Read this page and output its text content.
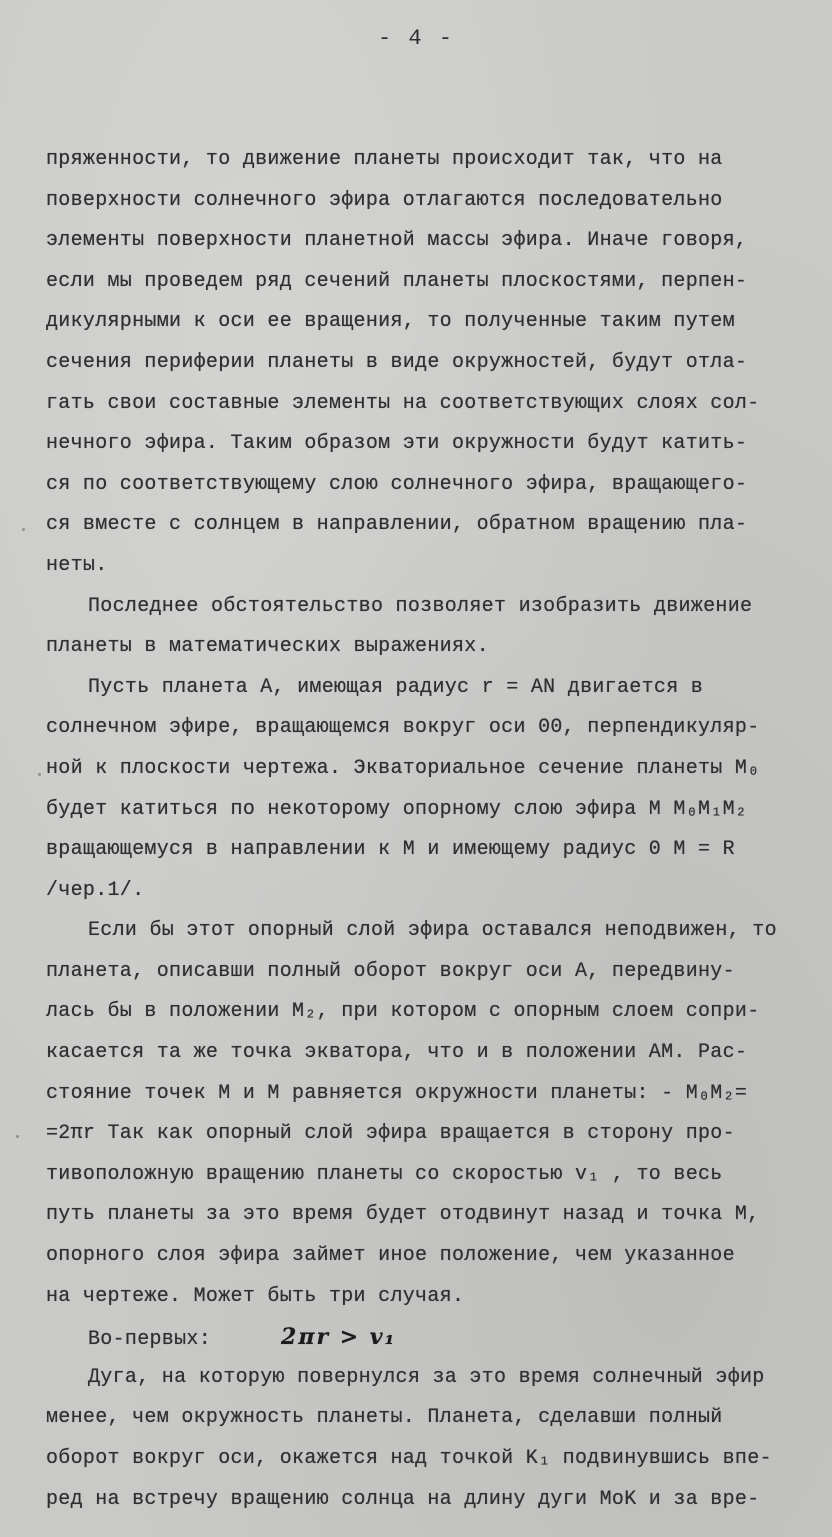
- 4 -
пряженности, то движение планеты происходит так, что на
поверхности солнечного эфира отлагаются последовательно
элементы поверхности планетной массы эфира. Иначе говоря,
если мы проведем ряд сечений планеты плоскостями, перпен-
дикулярными к оси ее вращения, то полученные таким путем
сечения периферии планеты в виде окружностей, будут отла-
гать свои составные элементы на соответствующих слоях сол-
нечного эфира. Таким образом эти окружности будут катить-
ся по соответствующему слою солнечного эфира, вращающего-
ся вместе с солнцем в направлении, обратном вращению пла-
неты.
Последнее обстоятельство позволяет изобразить движение
планеты в математических выражениях.
Пусть планета А, имеющая радиус r = AN двигается в
солнечном эфире, вращающемся вокруг оси 00, перпендикуляр-
ной к плоскости чертежа. Экваториальное сечение планеты M₀
будет катиться по некоторому опорному слою эфира М M₀M₁M₂
вращающемуся в направлении к М и имеющему радиус 0 М = R
/чер.1/.
Если бы этот опорный слой эфира оставался неподвижен, то
планета, описавши полный оборот вокруг оси А, передвину-
лась бы в положении M₂, при котором с опорным слоем сопри-
касается та же точка экватора, что и в положении АМ. Рас-
стояние точек М и М равняется окружности планеты: - M₀M₂=
=2πr Так как опорный слой эфира вращается в сторону про-
тивоположную вращению планеты со скоростью v₁ , то весь
путь планеты за это время будет отодвинут назад и точка М,
опорного слоя эфира займет иное положение, чем указанное
на чертеже. Может быть три случая.
Во-первых:	2πr > v₁
Дуга, на которую повернулся за это время солнечный эфир
менее, чем окружность планеты. Планета, сделавши полный
оборот вокруг оси, окажется над точкой K₁ подвинувшись впе-
ред на встречу вращению солнца на длину дуги MoK и за вре-
